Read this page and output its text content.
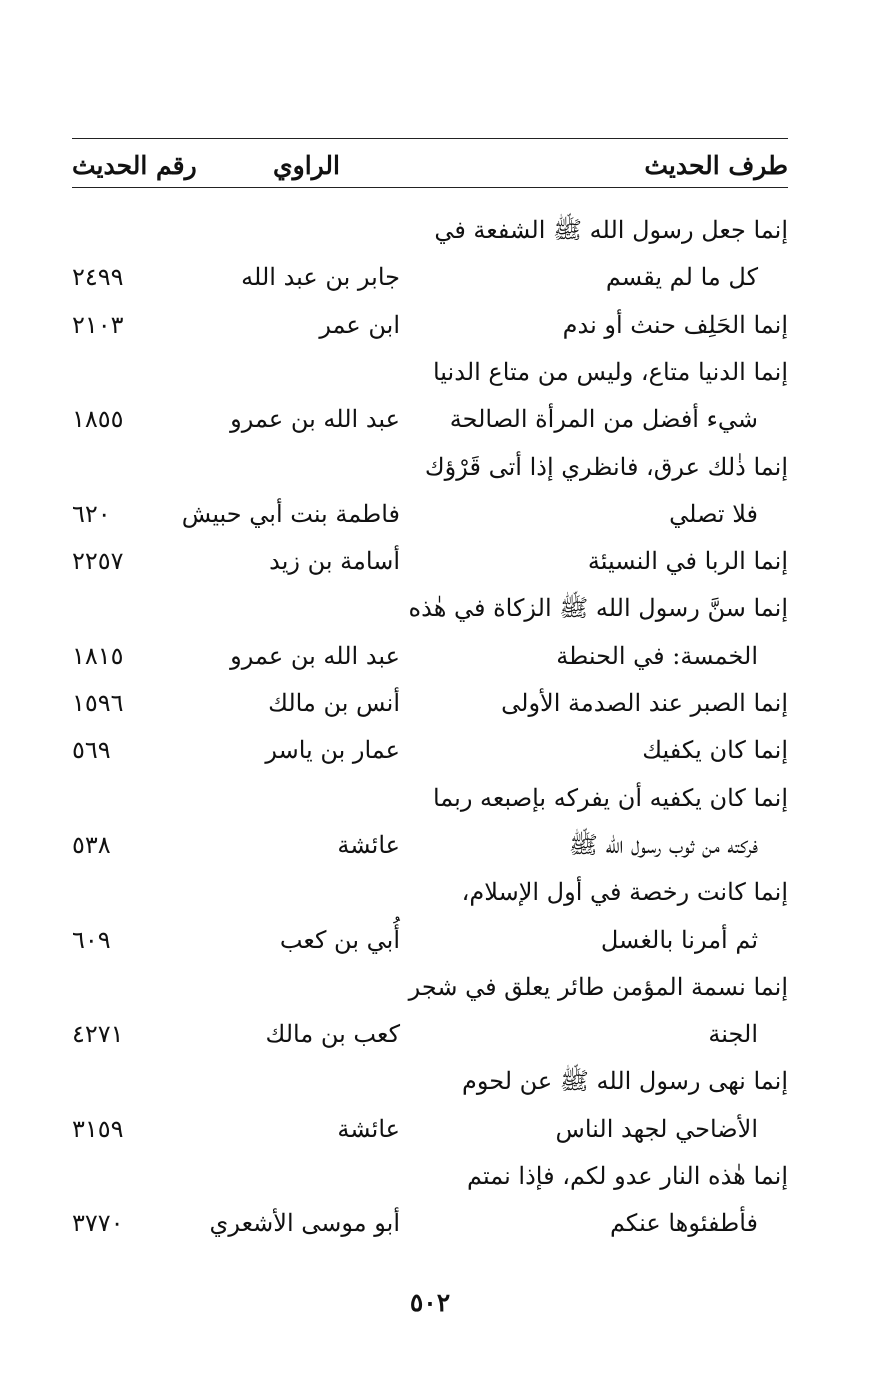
طرف الحديث
الراوي
رقم الحديث
إنما جعل رسول الله ﷺ الشفعة في
كل ما لم يقسم
جابر بن عبد الله
٢٤٩٩
إنما الحَلِف حنث أو ندم
ابن عمر
٢١٠٣
إنما الدنيا متاع، وليس من متاع الدنيا
شيء أفضل من المرأة الصالحة
عبد الله بن عمرو
١٨٥٥
إنما ذٰلك عرق، فانظري إذا أتى قَرْؤك
فلا تصلي
فاطمة بنت أبي حبيش
٦٢٠
إنما الربا في النسيئة
أسامة بن زيد
٢٢٥٧
إنما سنَّ رسول الله ﷺ الزكاة في هٰذه
الخمسة: في الحنطة
عبد الله بن عمرو
١٨١٥
إنما الصبر عند الصدمة الأولى
أنس بن مالك
١٥٩٦
إنما كان يكفيك
عمار بن ياسر
٥٦٩
إنما كان يكفيه أن يفركه بإصبعه ربما
فركته من ثوب رسول الله ﷺ
عائشة
٥٣٨
إنما كانت رخصة في أول الإسلام،
ثم أمرنا بالغسل
أُبي بن كعب
٦٠٩
إنما نسمة المؤمن طائر يعلق في شجر
الجنة
كعب بن مالك
٤٢٧١
إنما نهى رسول الله ﷺ عن لحوم
الأضاحي لجهد الناس
عائشة
٣١٥٩
إنما هٰذه النار عدو لكم، فإذا نمتم
فأطفئوها عنكم
أبو موسى الأشعري
٣٧٧٠
٥٠٢
